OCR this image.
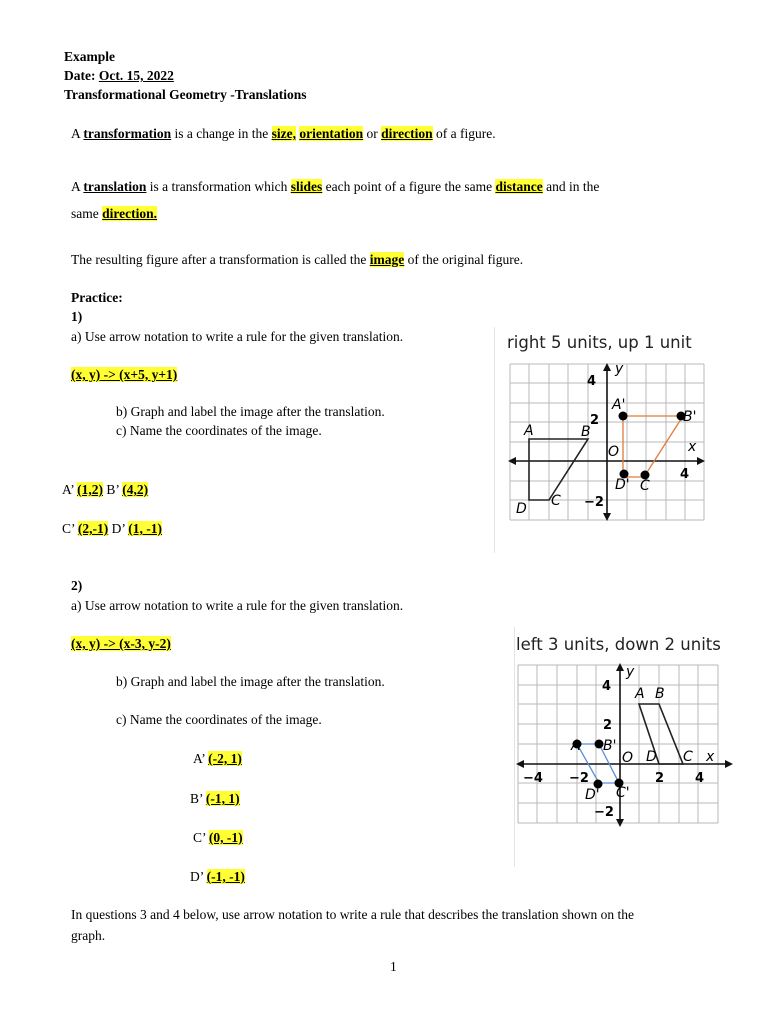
Example
Date: Oct. 15, 2022
Transformational Geometry -Translations
A transformation is a change in the size, orientation or direction of a figure.
A translation is a transformation which slides each point of a figure the same distance and in the
same direction.
The resulting figure after a transformation is called the image of the original figure.
Practice:
1)
a) Use arrow notation to write a rule for the given translation.
(x, y) -> (x+5, y+1)
b) Graph and label the image after the translation.
c) Name the coordinates of the image.
A’ (1,2) B’ (4,2)
C’ (2,-1) D’ (1, -1)
right 5 units, up 1 unit
4
y
2
x
4
−2
O
A	B
C
D
A'
B'
C
D'
2)
a) Use arrow notation to write a rule for the given translation.
(x, y) -> (x-3, y-2)
b) Graph and label the image after the translation.
c) Name the coordinates of the image.
A’ (-2, 1)
B’ (-1, 1)
C’ (0, -1)
D’ (-1, -1)
left 3 units, down 2 units
y
4 A B
2
A B'
O D C x
−4 −2	2 4
D' C'
−2
In questions 3 and 4 below, use arrow notation to write a rule that describes the translation shown on the
graph.
1
